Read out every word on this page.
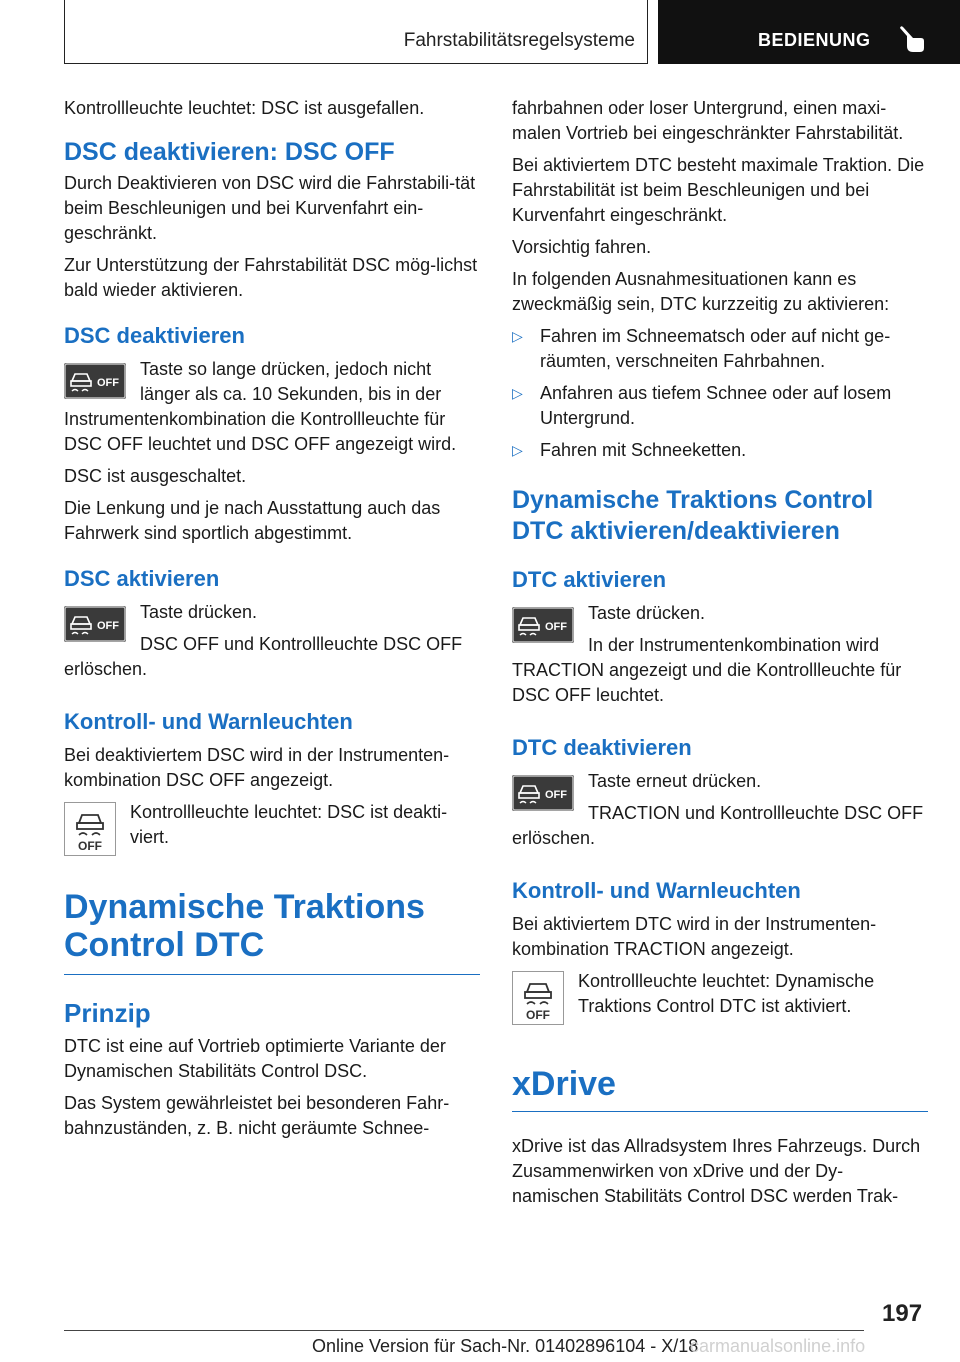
Fahrstabilitätsregelsysteme	BEDIENUNG

Kontrollleuchte leuchtet: DSC ist ausgefallen.

DSC deaktivieren: DSC OFF

Durch Deaktivieren von DSC wird die Fahrstabili‐tät beim Beschleunigen und bei Kurvenfahrt ein‐geschränkt.

Zur Unterstützung der Fahrstabilität DSC mög‐lichst bald wieder aktivieren.

DSC deaktivieren
OFF

Taste so lange drücken, jedoch nicht länger als ca. 10 Sekunden, bis in der Instrumentenkombination die Kontrollleuchte für DSC OFF leuchtet und DSC OFF angezeigt wird.

DSC ist ausgeschaltet.

Die Lenkung und je nach Ausstattung auch das Fahrwerk sind sportlich abgestimmt.

DSC aktivieren
OFF

Taste drücken.

DSC OFF und Kontrollleuchte DSC OFF erlöschen.

Kontroll- und Warnleuchten

Bei deaktiviertem DSC wird in der Instrumenten‐kombination DSC OFF angezeigt.

OFF

Kontrollleuchte leuchtet: DSC ist deakti‐viert.

Dynamische Traktions Control DTC
Prinzip

DTC ist eine auf Vortrieb optimierte Variante der Dynamischen Stabilitäts Control DSC.

Das System gewährleistet bei besonderen Fahr‐bahnzuständen, z. B. nicht geräumte Schnee‐

fahrbahnen oder loser Untergrund, einen maxi‐malen Vortrieb bei eingeschränkter Fahrstabilität.

Bei aktiviertem DTC besteht maximale Traktion. Die Fahrstabilität ist beim Beschleunigen und bei Kurvenfahrt eingeschränkt.

Vorsichtig fahren.

In folgenden Ausnahmesituationen kann es zweckmäßig sein, DTC kurzzeitig zu aktivieren:

▷ Fahren im Schneematsch oder auf nicht ge‐räumten, verschneiten Fahrbahnen.
▷ Anfahren aus tiefem Schnee oder auf losem Untergrund.
▷ Fahren mit Schneeketten.
Dynamische Traktions Control DTC aktivieren/deaktivieren
DTC aktivieren
OFF

Taste drücken.

In der Instrumentenkombination wird TRACTION angezeigt und die Kontrollleuchte für DSC OFF leuchtet.

DTC deaktivieren
OFF

Taste erneut drücken.

TRACTION und Kontrollleuchte DSC OFF erlöschen.

Kontroll- und Warnleuchten

Bei aktiviertem DTC wird in der Instrumenten‐kombination TRACTION angezeigt.

OFF

Kontrollleuchte leuchtet: Dynamische Traktions Control DTC ist aktiviert.

xDrive

xDrive ist das Allradsystem Ihres Fahrzeugs. Durch Zusammenwirken von xDrive und der Dy‐namischen Stabilitäts Control DSC werden Trak‐

197
Online Version für Sach-Nr. 01402896104 - X/18
carmanualsonline.info
